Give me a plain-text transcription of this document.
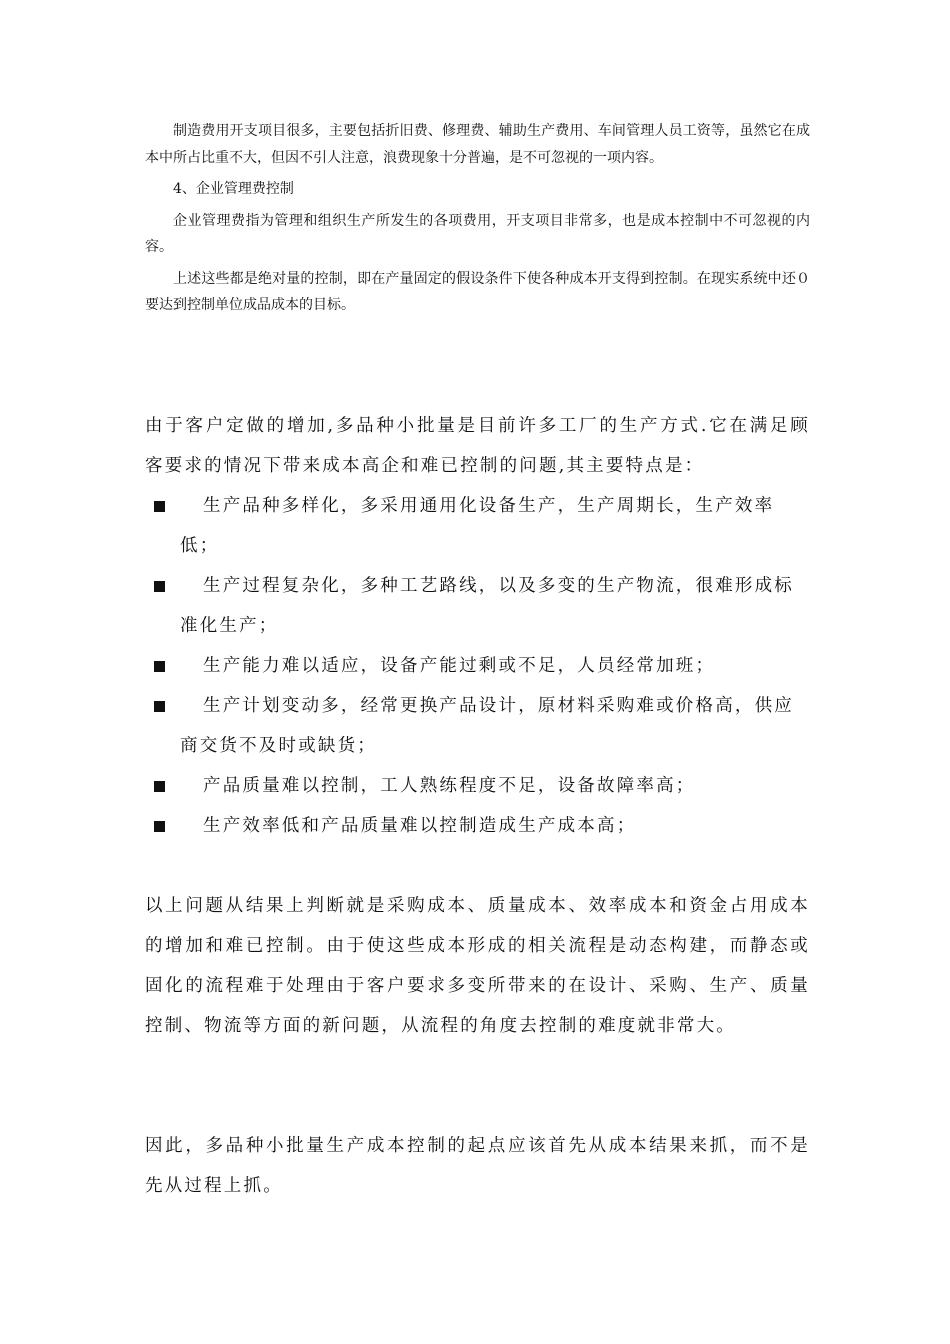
制造费用开支项目很多，主要包括折旧费、修理费、辅助生产费用、车间管理人员工资等，虽然它在成本中所占比重不大，但因不引人注意，浪费现象十分普遍，是不可忽视的一项内容。

4、企业管理费控制

企业管理费指为管理和组织生产所发生的各项费用，开支项目非常多，也是成本控制中不可忽视的内容。

上述这些都是绝对量的控制，即在产量固定的假设条件下使各种成本开支得到控制。在现实系统中还０要达到控制单位成品成本的目标。

由于客户定做的增加,多品种小批量是目前许多工厂的生产方式.它在满足顾客要求的情况下带来成本高企和难已控制的问题,其主要特点是：

生产品种多样化，多采用通用化设备生产，生产周期长，生产效率低；
生产过程复杂化，多种工艺路线，以及多变的生产物流，很难形成标准化生产；
生产能力难以适应，设备产能过剩或不足，人员经常加班；
生产计划变动多，经常更换产品设计，原材料采购难或价格高，供应商交货不及时或缺货；
产品质量难以控制，工人熟练程度不足，设备故障率高；
生产效率低和产品质量难以控制造成生产成本高；

以上问题从结果上判断就是采购成本、质量成本、效率成本和资金占用成本的增加和难已控制。由于使这些成本形成的相关流程是动态构建，而静态或固化的流程难于处理由于客户要求多变所带来的在设计、采购、生产、质量控制、物流等方面的新问题，从流程的角度去控制的难度就非常大。

因此，多品种小批量生产成本控制的起点应该首先从成本结果来抓，而不是先从过程上抓。
